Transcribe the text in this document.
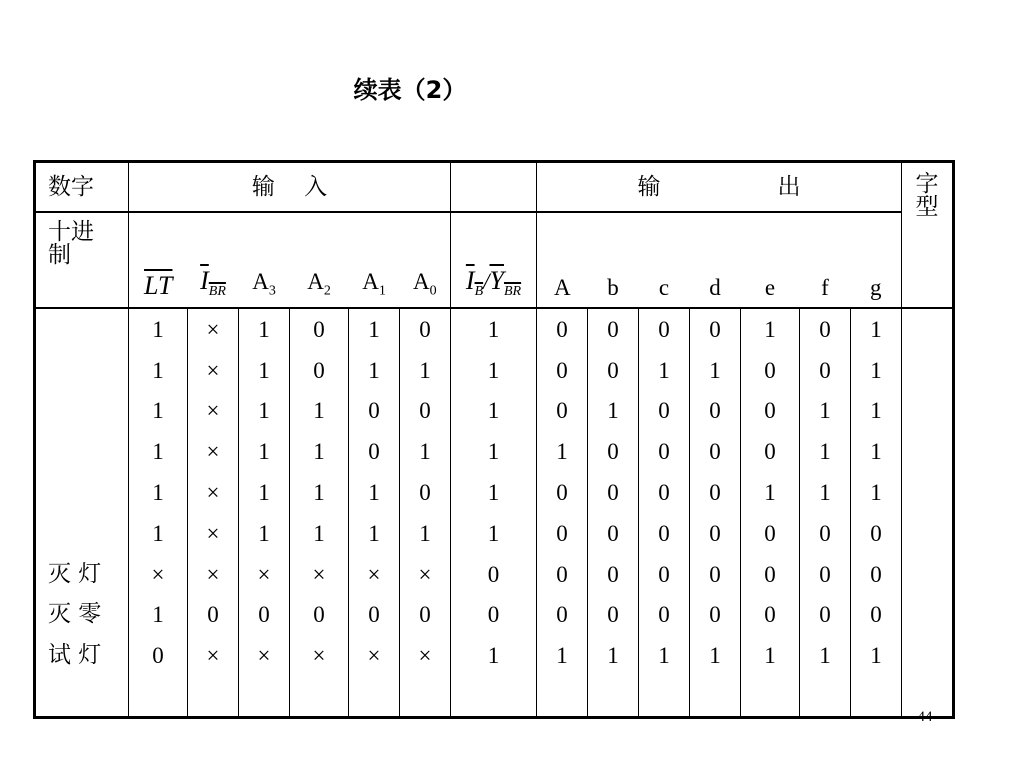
续表（2）
数字	输    入							输                出							字
型
十进
制	$\overline{LT}$	$I_{BR}$	$A_3$	$A_2$	$A_1$	$A_0$	$I_B/Y_{BR}$	A	b	c	d	e	f	g	
	1	×	1	0	1	0	1	0	0	0	0	1	0	1	
	1	×	1	0	1	1	1	0	0	1	1	0	0	1	
	1	×	1	1	0	0	1	0	1	0	0	0	1	1	
	1	×	1	1	0	1	1	1	0	0	0	0	1	1	
	1	×	1	1	1	0	1	0	0	0	0	1	1	1	
	1	×	1	1	1	1	1	0	0	0	0	0	0	0	
灭 灯	×	×	×	×	×	×	0	0	0	0	0	0	0	0	
灭 零	1	0	0	0	0	0	0	0	0	0	0	0	0	0	
试 灯	0	×	×	×	×	×	1	1	1	1	1	1	1	1	

44
